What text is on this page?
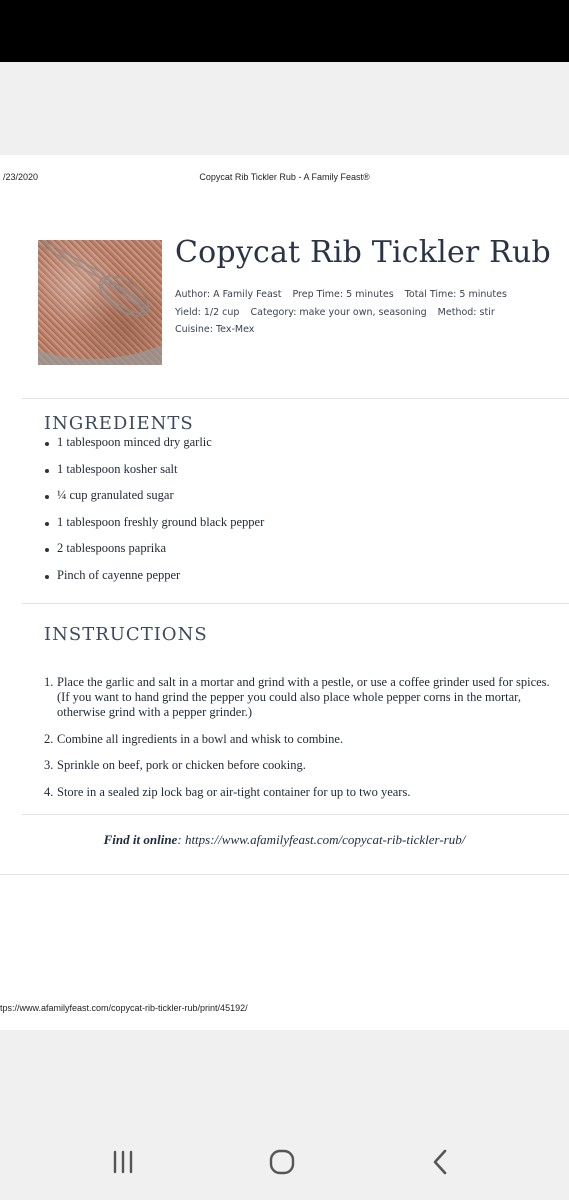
/23/2020	Copycat Rib Tickler Rub - A Family Feast®
Copycat Rib Tickler Rub
Author: A Family Feast Prep Time: 5 minutes Total Time: 5 minutes
Yield: 1/2 cup Category: make your own, seasoning Method: stir
Cuisine: Tex-Mex
INGREDIENTS
1 tablespoon minced dry garlic
1 tablespoon kosher salt
¼ cup granulated sugar
1 tablespoon freshly ground black pepper
2 tablespoons paprika
Pinch of cayenne pepper
INSTRUCTIONS
1. Place the garlic and salt in a mortar and grind with a pestle, or use a coffee grinder used for spices. (If you want to hand grind the pepper you could also place whole pepper corns in the mortar, otherwise grind with a pepper grinder.)
2. Combine all ingredients in a bowl and whisk to combine.
3. Sprinkle on beef, pork or chicken before cooking.
4. Store in a sealed zip lock bag or air-tight container for up to two years.
Find it online: https://www.afamilyfeast.com/copycat-rib-tickler-rub/
tps://www.afamilyfeast.com/copycat-rib-tickler-rub/print/45192/
